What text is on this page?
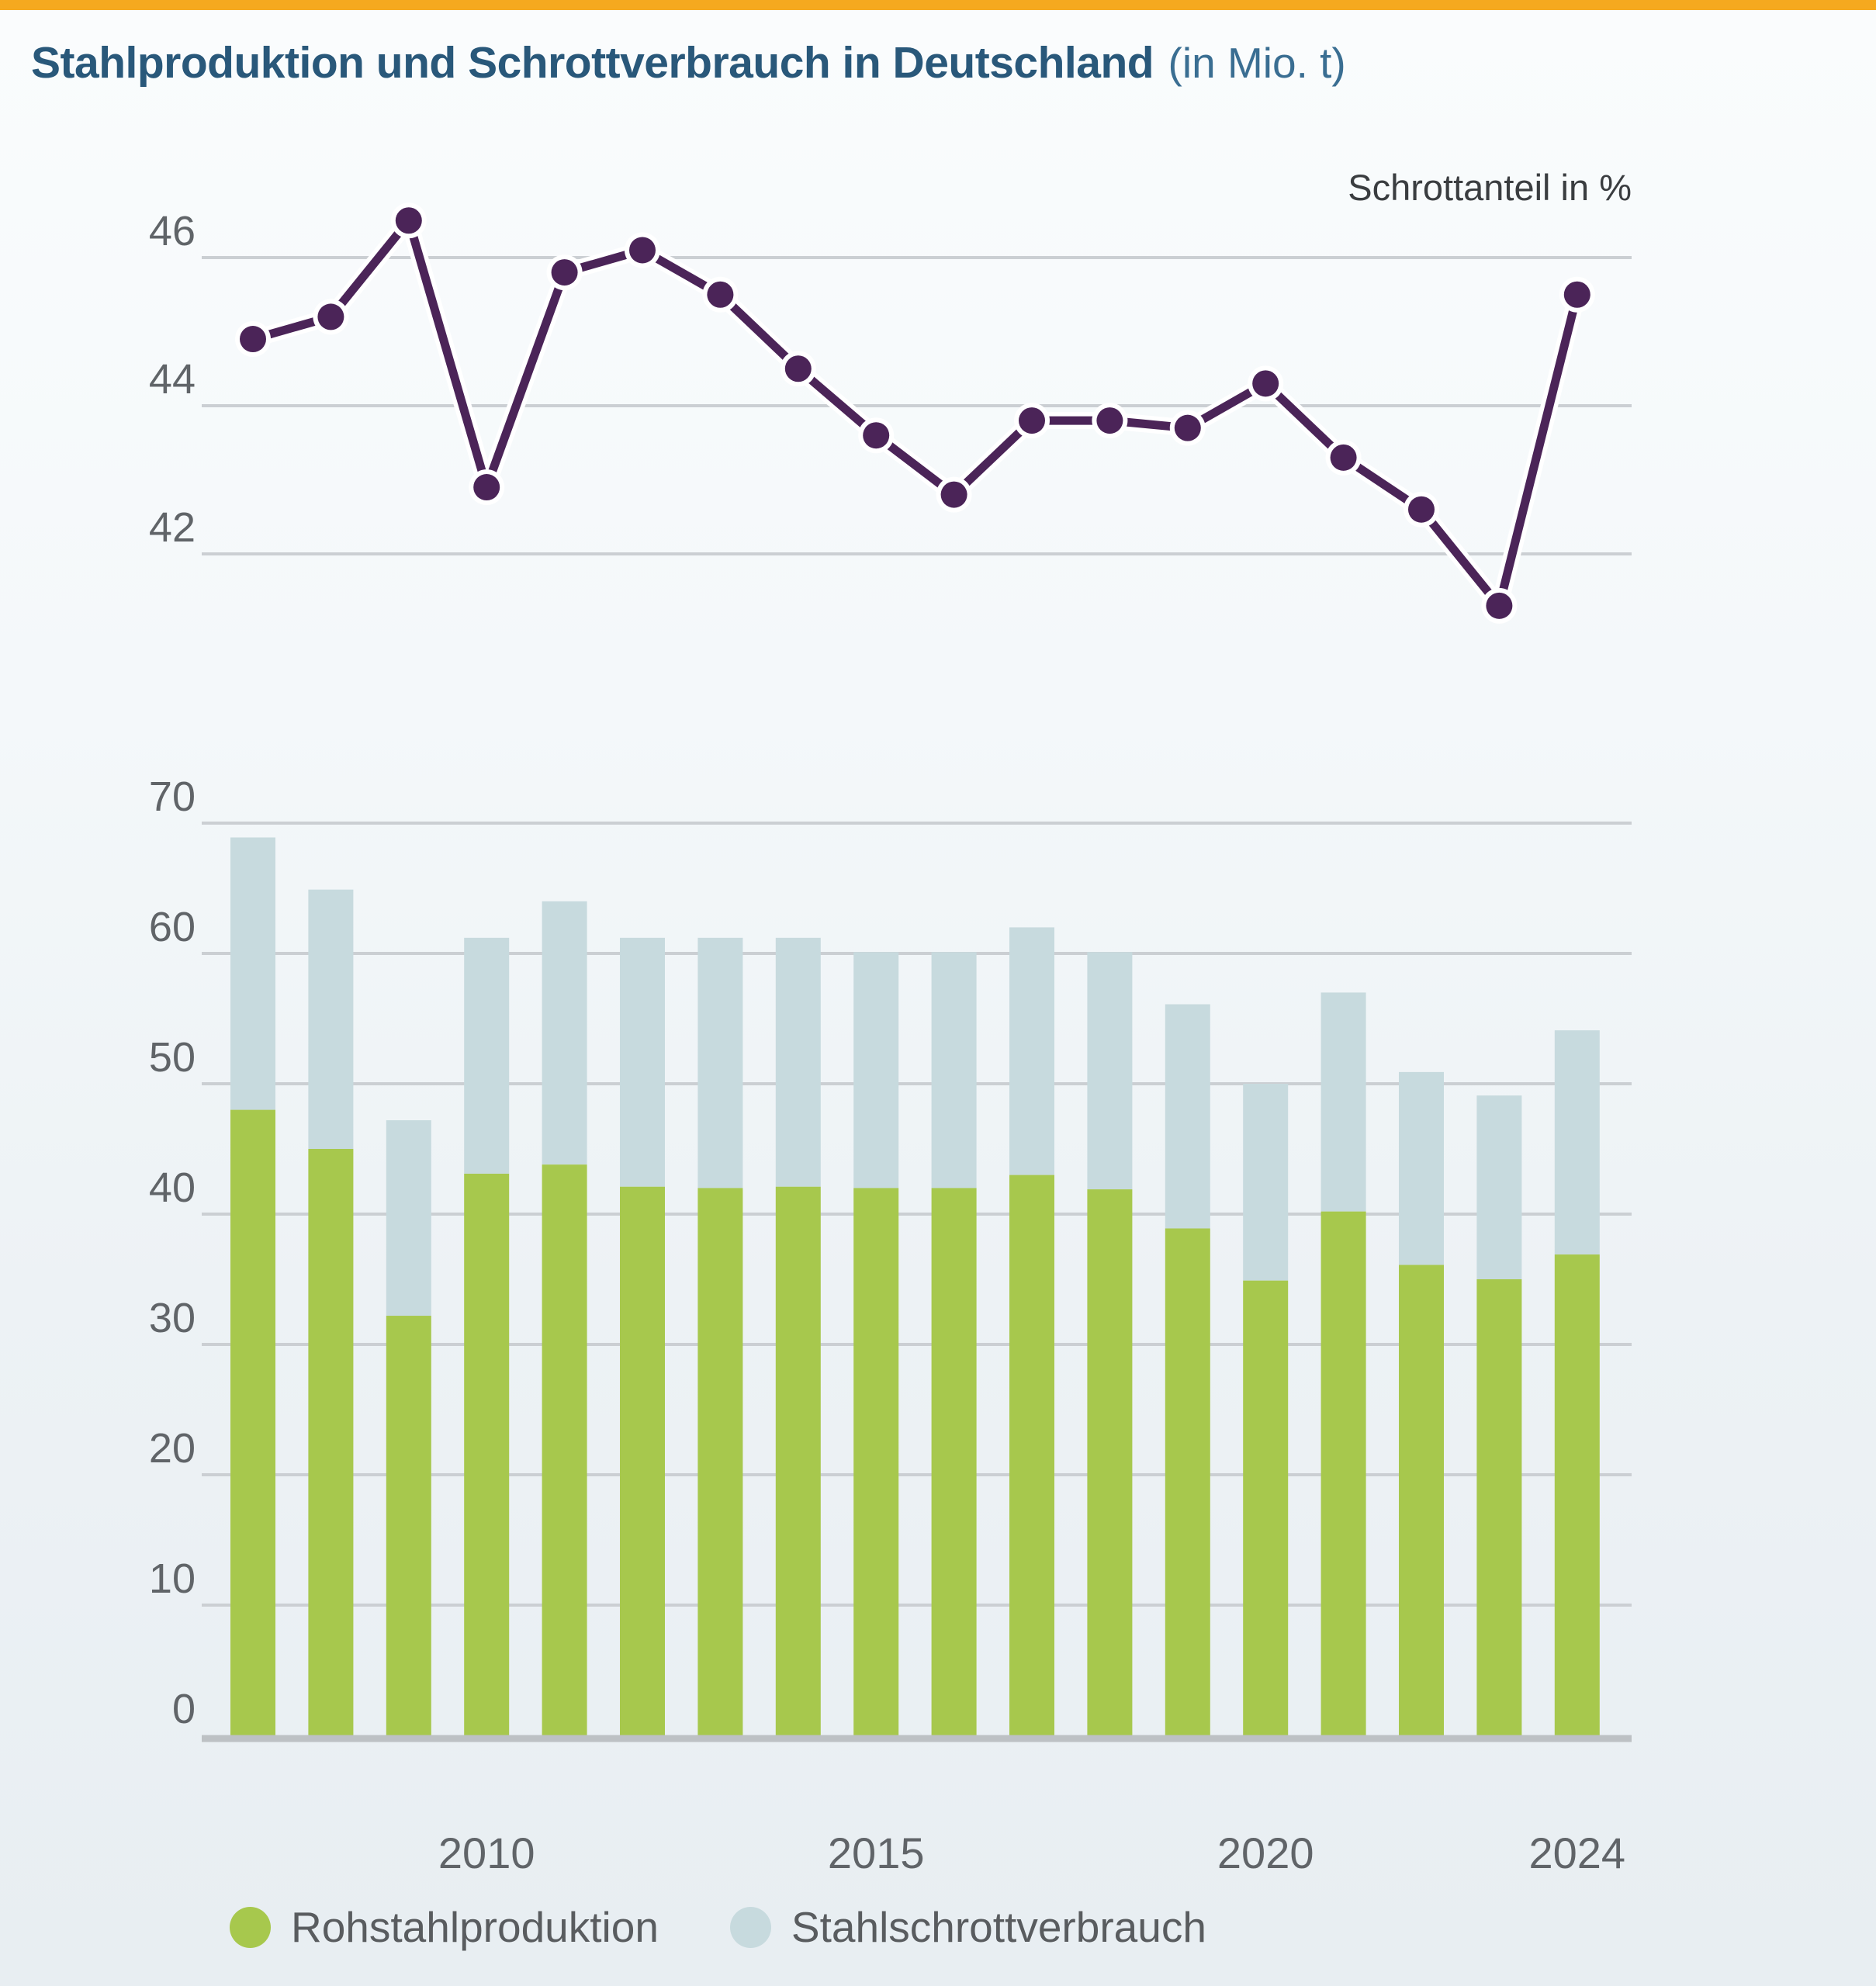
Stahlproduktion und Schrottverbrauch in Deutschland (in Mio. t)
Schrottanteil in %
46
44
42
70
60
50
40
30
20
10
0
2010	2015	2020	2024
Rohstahlproduktion	Stahlschrottverbrauch
